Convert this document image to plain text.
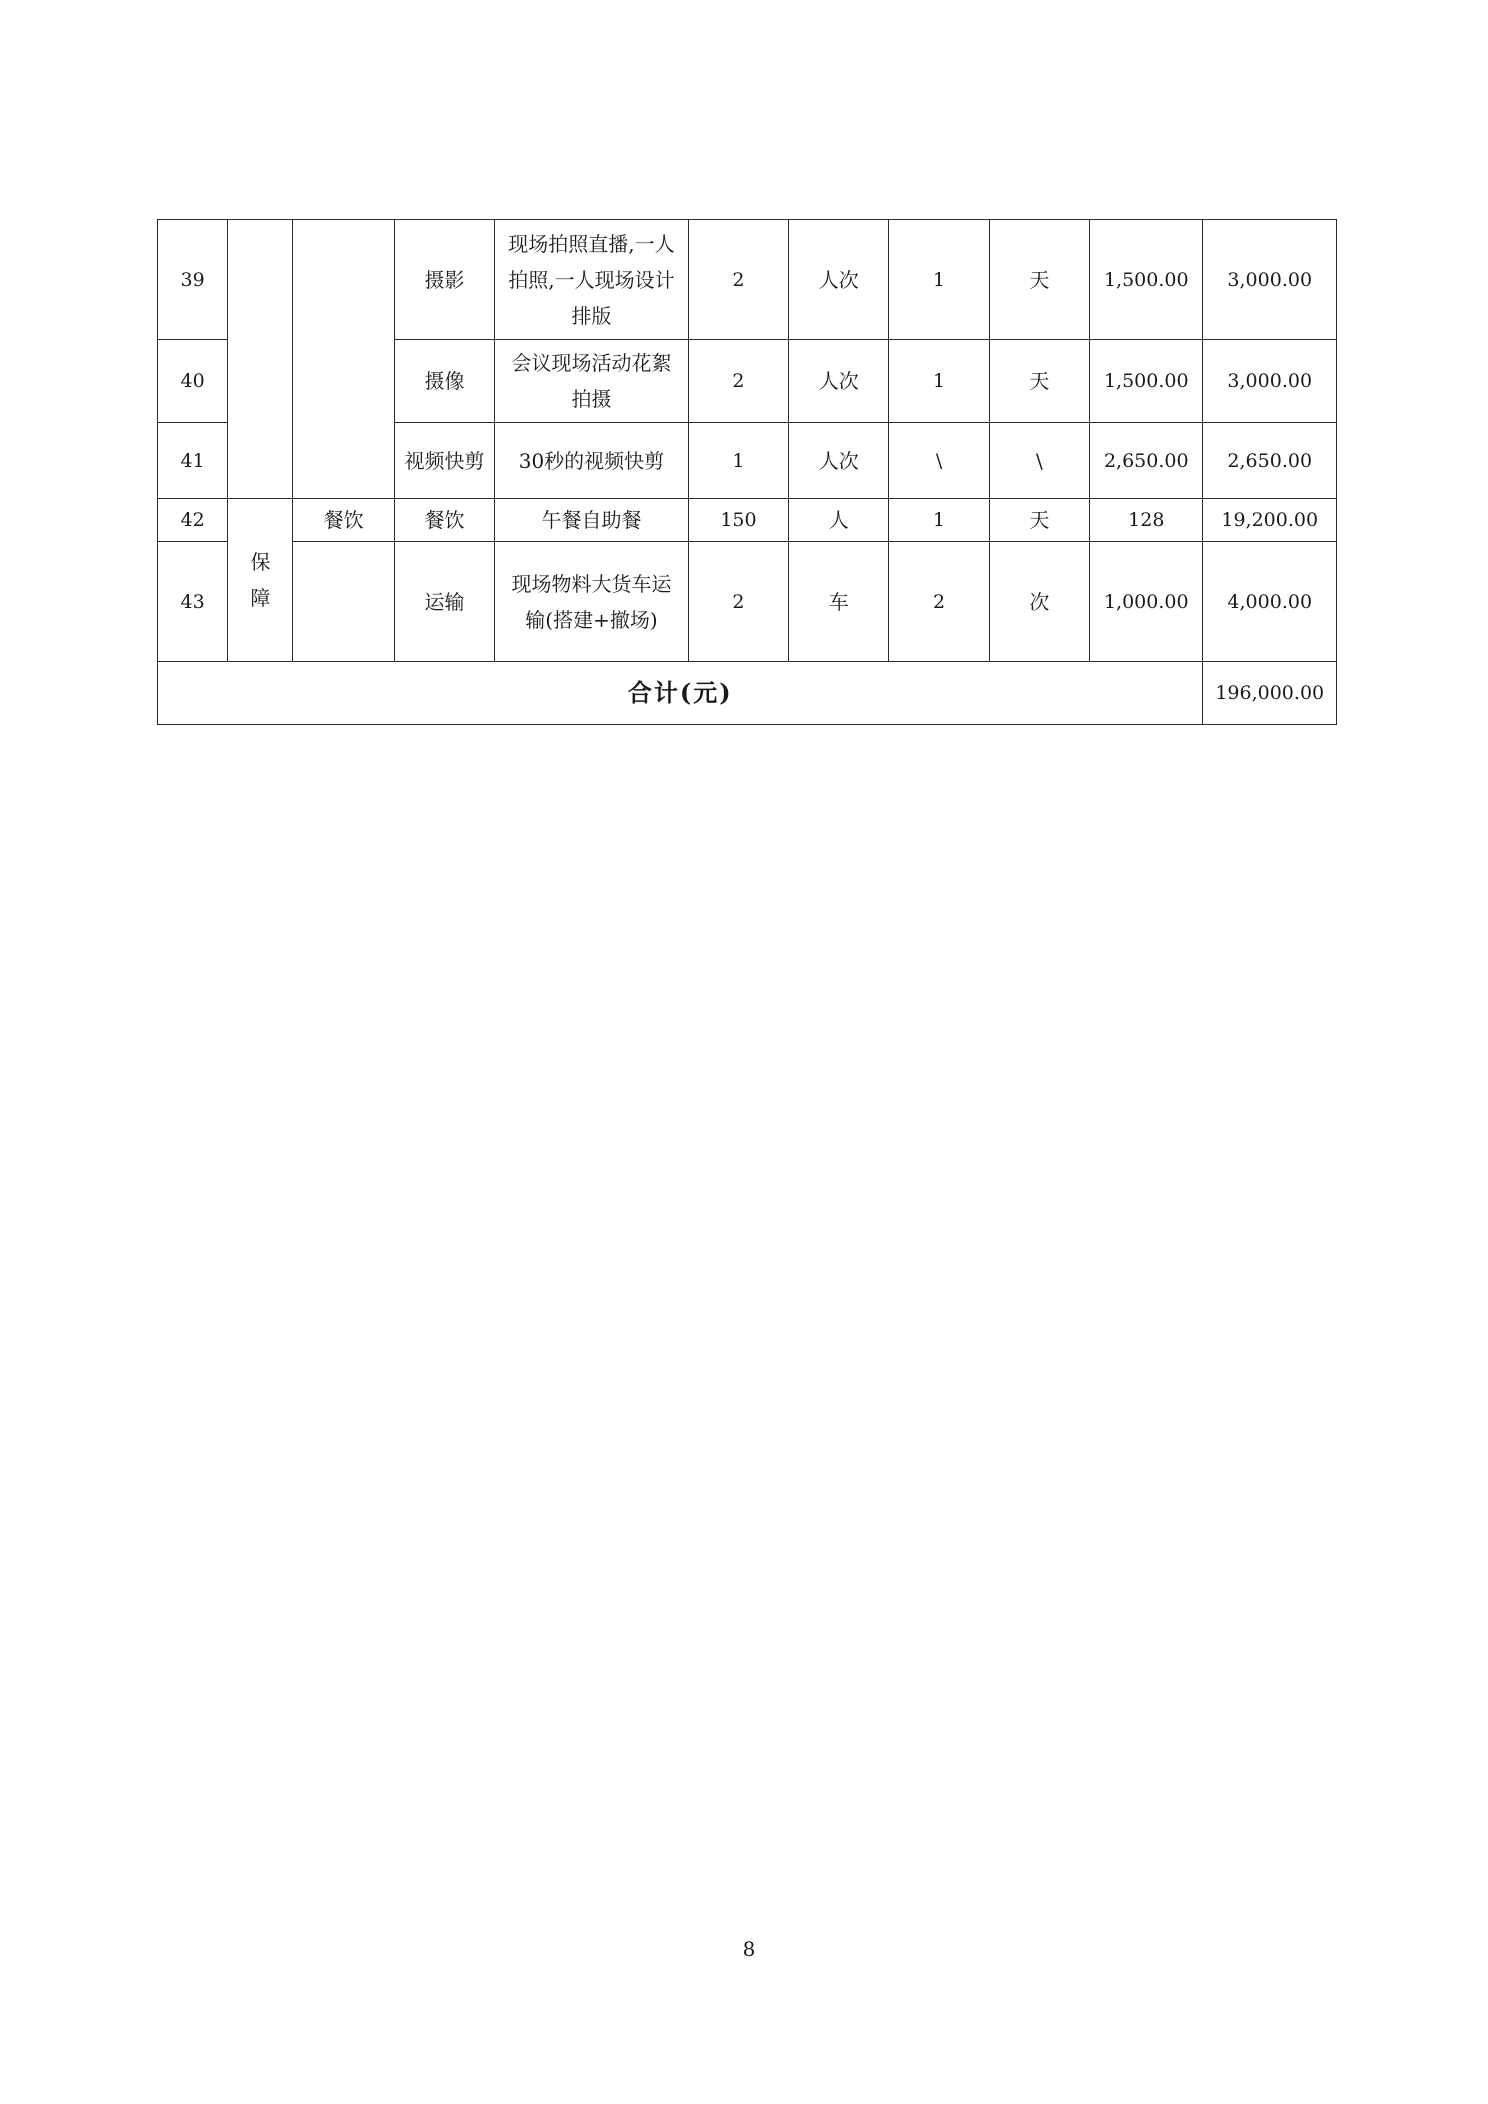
39			摄影	现场拍照直播,一人拍照,一人现场设计排版	2	人次	1	天	1,500.00	3,000.00
40			摄像	会议现场活动花絮拍摄	2	人次	1	天	1,500.00	3,000.00
41			视频快剪	30秒的视频快剪	1	人次	\	\	2,650.00	2,650.00
42	保障	餐饮	餐饮	午餐自助餐	150	人	1	天	128	19,200.00
43			运输	现场物料大货车运输(搭建+撤场)	2	车	2	次	1,000.00	4,000.00
合计(元)										196,000.00
8
